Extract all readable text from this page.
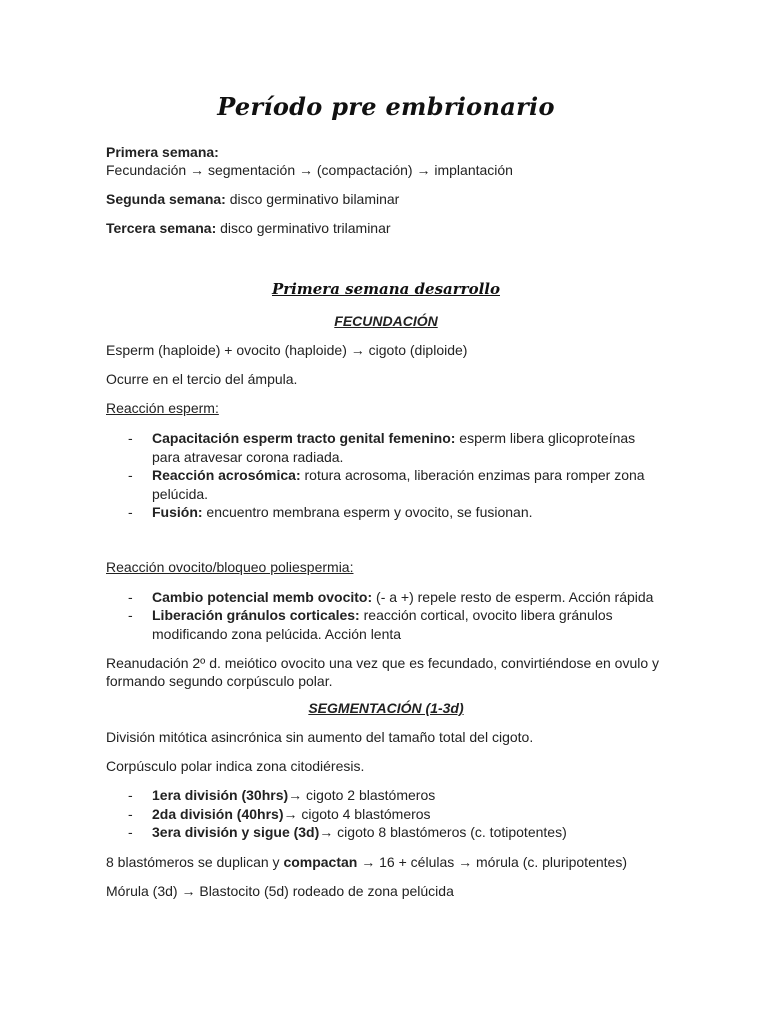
Período pre embrionario

Primera semana:

Fecundación → segmentación → (compactación) → implantación

Segunda semana: disco germinativo bilaminar

Tercera semana: disco germinativo trilaminar

Primera semana desarrollo

FECUNDACIÓN

Esperm (haploide) + ovocito (haploide) → cigoto (diploide)

Ocurre en el tercio del ámpula.

Reacción esperm:

- Capacitación esperm tracto genital femenino: esperm libera glicoproteínas para atravesar corona radiada.
- Reacción acrosómica: rotura acrosoma, liberación enzimas para romper zona pelúcida.
- Fusión: encuentro membrana esperm y ovocito, se fusionan.

Reacción ovocito/bloqueo poliespermia:

- Cambio potencial memb ovocito: (- a +) repele resto de esperm. Acción rápida
- Liberación gránulos corticales: reacción cortical, ovocito libera gránulos modificando zona pelúcida. Acción lenta

Reanudación 2º d. meiótico ovocito una vez que es fecundado, convirtiéndose en ovulo y formando segundo corpúsculo polar.

SEGMENTACIÓN (1-3d)

División mitótica asincrónica sin aumento del tamaño total del cigoto.

Corpúsculo polar indica zona citodiéresis.

- 1era división (30hrs)→ cigoto 2 blastómeros
- 2da división (40hrs)→ cigoto 4 blastómeros
- 3era división y sigue (3d)→ cigoto 8 blastómeros (c. totipotentes)

8 blastómeros se duplican y compactan → 16 + células → mórula (c. pluripotentes)

Mórula (3d) → Blastocito (5d) rodeado de zona pelúcida
